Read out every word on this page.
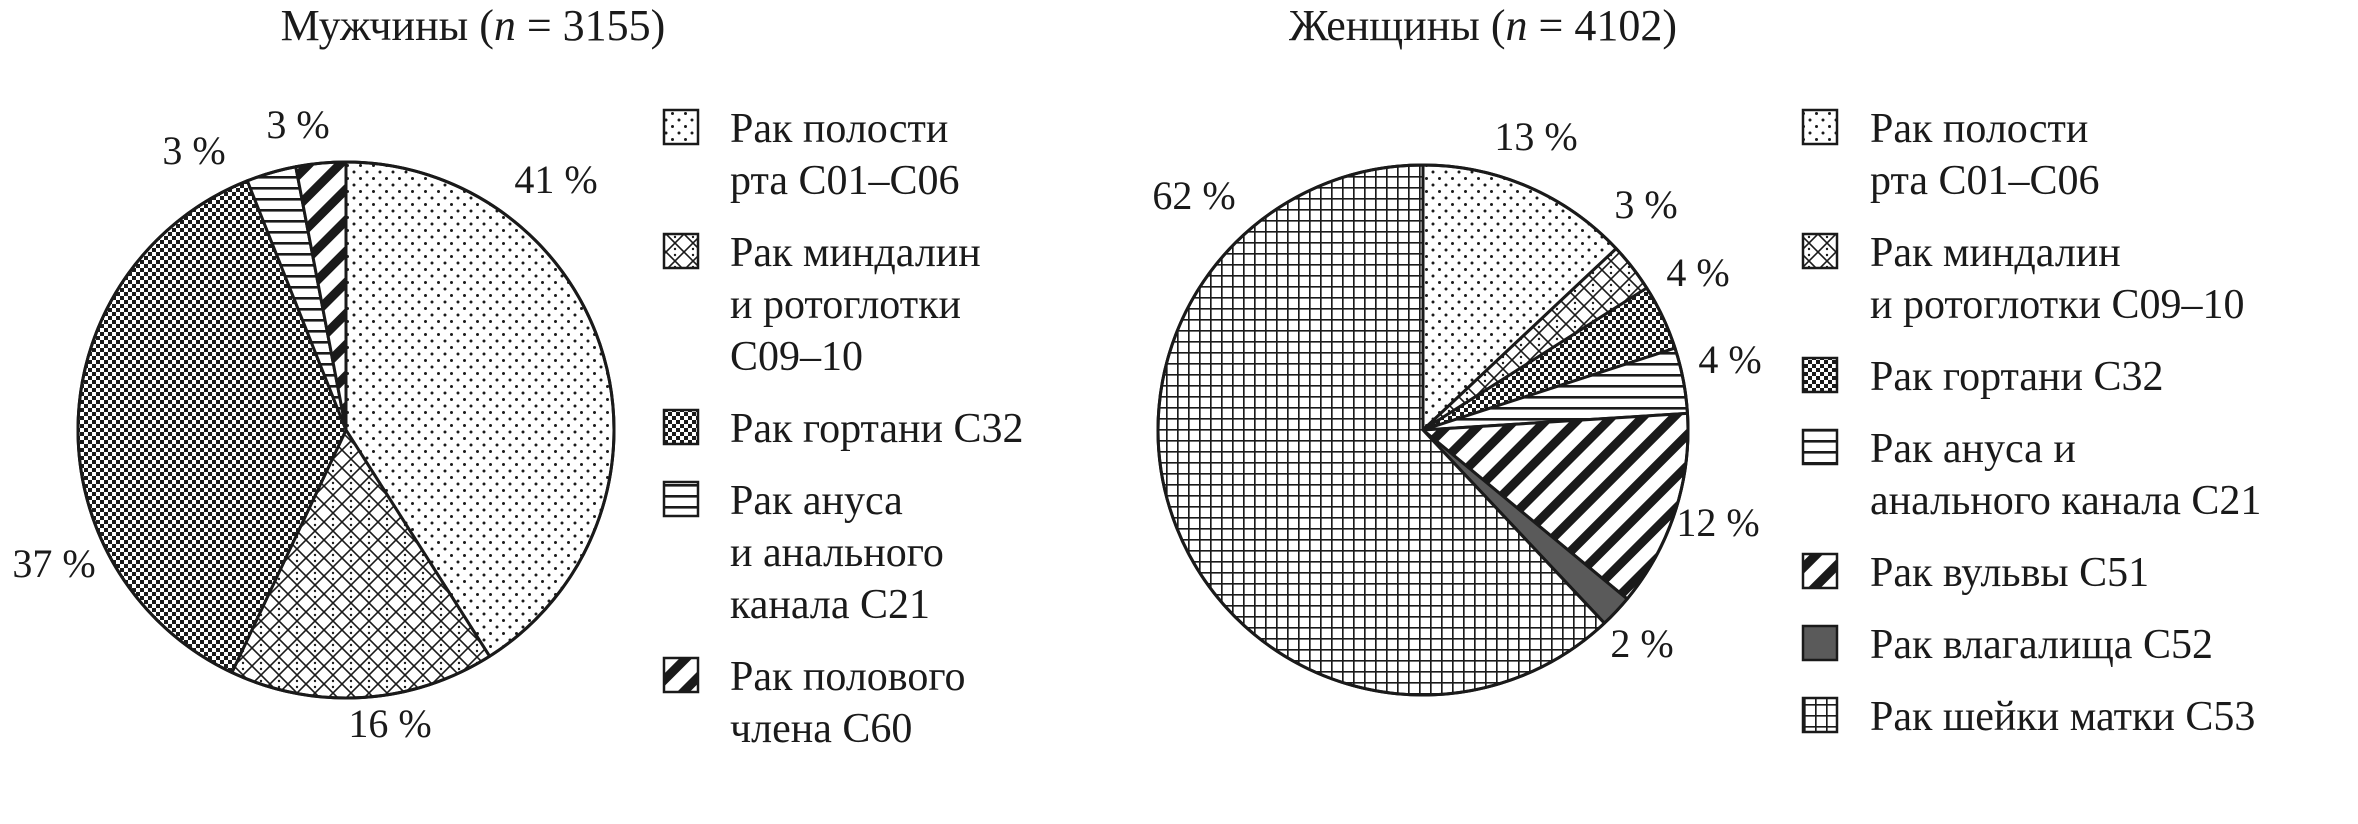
Мужчины (n = 3155)
41 %
16 %
37 %
3 %
3 %	Рак полости
рта С01–С06
Рак миндалин
и ротоглотки
С09–10
Рак гортани С32
Рак ануса
и анального
канала С21
Рак полового
члена С60
Женщины (n = 4102)
13 %
3 %
4 %
4 %
12 %
2 %
62 %
Рак полости
рта С01–С06
Рак миндалин
и ротоглотки С09–10
Рак гортани С32
Рак ануса и
анального канала С21
Рак вульвы С51
Рак влагалища С52
Рак шейки матки С53
